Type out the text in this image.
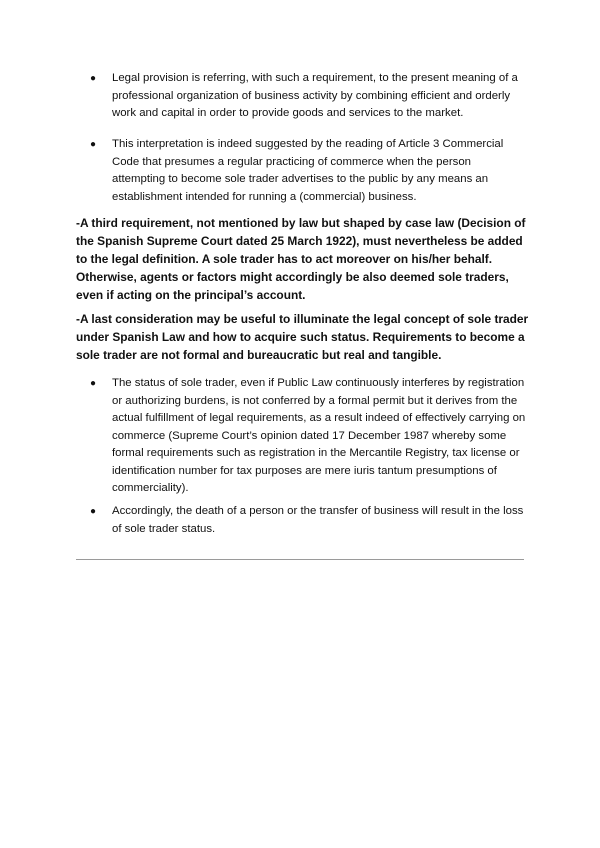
●	Legal provision is referring, with such a requirement, to the present meaning of a professional organization of business activity by combining efficient and orderly work and capital in order to provide goods and services to the market.
●	This interpretation is indeed suggested by the reading of Article 3 Commercial Code that presumes a regular practicing of commerce when the person attempting to become sole trader advertises to the public by any means an establishment intended for running a (commercial) business.

-A third requirement, not mentioned by law but shaped by case law (Decision of the Spanish Supreme Court dated 25 March 1922), must nevertheless be added to the legal definition. A sole trader has to act moreover on his/her behalf. Otherwise, agents or factors might accordingly be also deemed sole traders, even if acting on the principal’s account.

-A last consideration may be useful to illuminate the legal concept of sole trader under Spanish Law and how to acquire such status. Requirements to become a sole trader are not formal and bureaucratic but real and tangible.

●	The status of sole trader, even if Public Law continuously interferes by registration or authorizing burdens, is not conferred by a formal permit but it derives from the actual fulfillment of legal requirements, as a result indeed of effectively carrying on commerce (Supreme Court’s opinion dated 17 December 1987 whereby some formal requirements such as registration in the Mercantile Registry, tax license or identification number for tax purposes are mere iuris tantum presumptions of commerciality).
●	Accordingly, the death of a person or the transfer of business will result in the loss of sole trader status.
